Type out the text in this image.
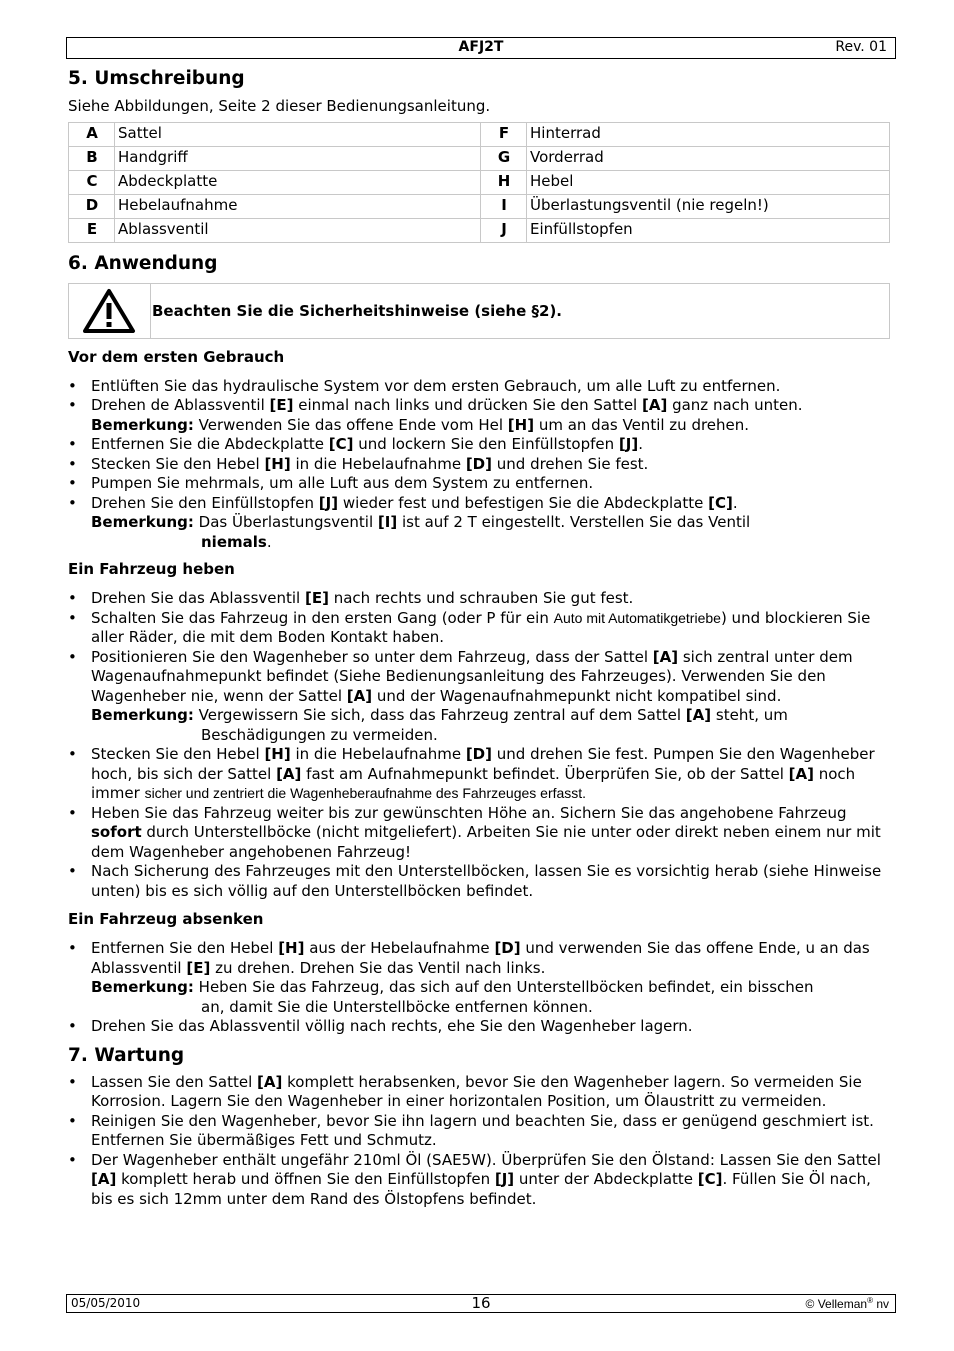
AFJ2T	Rev. 01
5. Umschreibung

Siehe Abbildungen, Seite 2 dieser Bedienungsanleitung.

A	Sattel	F	Hinterrad
B	Handgriff	G	Vorderrad
C	Abdeckplatte	H	Hebel
D	Hebelaufnahme	I	Überlastungsventil (nie regeln!)
E	Ablassventil	J	Einfüllstopfen
6. Anwendung
Beachten Sie die Sicherheitshinweise (siehe §2).
Vor dem ersten Gebrauch
• Entlüften Sie das hydraulische System vor dem ersten Gebrauch, um alle Luft zu entfernen.
• Drehen de Ablassventil [E] einmal nach links und drücken Sie den Sattel [A] ganz nach unten.
Bemerkung: Verwenden Sie das offene Ende vom Hel [H] um an das Ventil zu drehen.
• Entfernen Sie die Abdeckplatte [C] und lockern Sie den Einfüllstopfen [J].
• Stecken Sie den Hebel [H] in die Hebelaufnahme [D] und drehen Sie fest.
• Pumpen Sie mehrmals, um alle Luft aus dem System zu entfernen.
• Drehen Sie den Einfüllstopfen [J] wieder fest und befestigen Sie die Abdeckplatte [C].
Bemerkung: Das Überlastungsventil [I] ist auf 2 T eingestellt. Verstellen Sie das Ventil
niemals.
Ein Fahrzeug heben
• Drehen Sie das Ablassventil [E] nach rechts und schrauben Sie gut fest.
• Schalten Sie das Fahrzeug in den ersten Gang (oder P für ein Auto mit Automatikgetriebe) und blockieren Sie aller Räder, die mit dem Boden Kontakt haben.
• Positionieren Sie den Wagenheber so unter dem Fahrzeug, dass der Sattel [A] sich zentral unter dem Wagenaufnahmepunkt befindet (Siehe Bedienungsanleitung des Fahrzeuges). Verwenden Sie den Wagenheber nie, wenn der Sattel [A] und der Wagenaufnahmepunkt nicht kompatibel sind.
Bemerkung: Vergewissern Sie sich, dass das Fahrzeug zentral auf dem Sattel [A] steht, um
Beschädigungen zu vermeiden.
• Stecken Sie den Hebel [H] in die Hebelaufnahme [D] und drehen Sie fest. Pumpen Sie den Wagenheber hoch, bis sich der Sattel [A] fast am Aufnahmepunkt befindet. Überprüfen Sie, ob der Sattel [A] noch immer sicher und zentriert die Wagenheberaufnahme des Fahrzeuges erfasst.
• Heben Sie das Fahrzeug weiter bis zur gewünschten Höhe an. Sichern Sie das angehobene Fahrzeug sofort durch Unterstellböcke (nicht mitgeliefert). Arbeiten Sie nie unter oder direkt neben einem nur mit dem Wagenheber angehobenen Fahrzeug!
• Nach Sicherung des Fahrzeuges mit den Unterstellböcken, lassen Sie es vorsichtig herab (siehe Hinweise unten) bis es sich völlig auf den Unterstellböcken befindet.
Ein Fahrzeug absenken
• Entfernen Sie den Hebel [H] aus der Hebelaufnahme [D] und verwenden Sie das offene Ende, u an das Ablassventil [E] zu drehen. Drehen Sie das Ventil nach links.
Bemerkung: Heben Sie das Fahrzeug, das sich auf den Unterstellböcken befindet, ein bisschen
an, damit Sie die Unterstellböcke entfernen können.
• Drehen Sie das Ablassventil völlig nach rechts, ehe Sie den Wagenheber lagern.
7. Wartung
• Lassen Sie den Sattel [A] komplett herabsenken, bevor Sie den Wagenheber lagern. So vermeiden Sie Korrosion. Lagern Sie den Wagenheber in einer horizontalen Position, um Ölaustritt zu vermeiden.
• Reinigen Sie den Wagenheber, bevor Sie ihn lagern und beachten Sie, dass er genügend geschmiert ist. Entfernen Sie übermäßiges Fett und Schmutz.
• Der Wagenheber enthält ungefähr 210ml Öl (SAE5W). Überprüfen Sie den Ölstand: Lassen Sie den Sattel [A] komplett herab und öffnen Sie den Einfüllstopfen [J] unter der Abdeckplatte [C]. Füllen Sie Öl nach, bis es sich 12mm unter dem Rand des Ölstopfens befindet.
05/05/2010	16	© Velleman® nv
